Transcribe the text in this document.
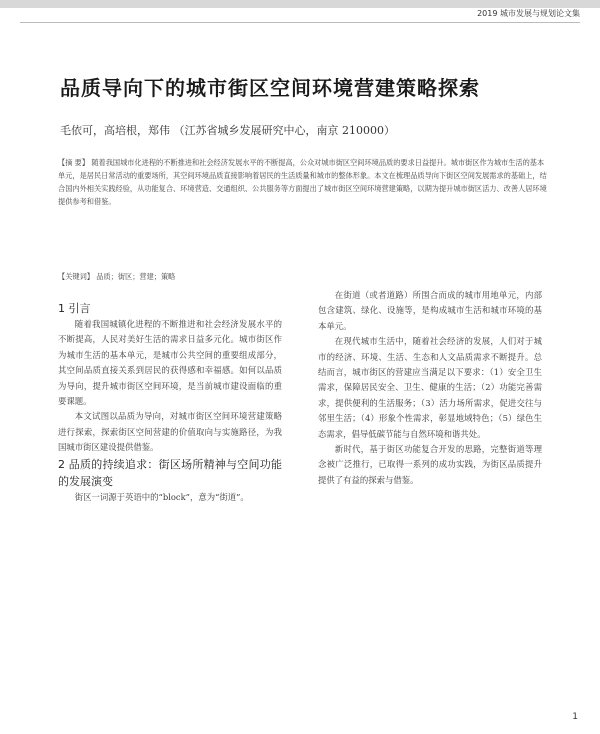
2019 城市发展与规划论文集
品质导向下的城市街区空间环境营建策略探索
毛依可，高培根，郑伟 （江苏省城乡发展研究中心，南京 210000）
【摘 要】 随着我国城市化进程的不断推进和社会经济发展水平的不断提高，公众对城市街区空间环境品质的要求日益提升。城市街区作为城市生活的基本单元，是居民日常活动的重要场所，其空间环境品质直接影响着居民的生活质量和城市的整体形象。本文在梳理品质导向下街区空间发展需求的基础上，结合国内外相关实践经验，从功能复合、环境营造、交通组织、公共服务等方面提出了城市街区空间环境营建策略，以期为提升城市街区活力、改善人居环境提供参考和借鉴。
【关键词】 品质；街区；营建；策略

1 引言

随着我国城镇化进程的不断推进和社会经济发展水平的不断提高，人民对美好生活的需求日益多元化。城市街区作为城市生活的基本单元，是城市公共空间的重要组成部分，其空间品质直接关系到居民的获得感和幸福感。如何以品质为导向，提升城市街区空间环境，是当前城市建设面临的重要课题。

本文试图以品质为导向，对城市街区空间环境营建策略进行探索，探索街区空间营建的价值取向与实施路径，为我国城市街区建设提供借鉴。

2 品质的持续追求：街区场所精神与空间功能的发展演变

街区一词源于英语中的“block”，意为“街道”。

在街道（或者道路）所围合而成的城市用地单元，内部包含建筑、绿化、设施等，是构成城市生活和城市环境的基本单元。

在现代城市生活中，随着社会经济的发展，人们对于城市的经济、环境、生活、生态和人文品质需求不断提升。总结而言，城市街区的营建应当满足以下要求：（1）安全卫生需求，保障居民安全、卫生、健康的生活；（2）功能完善需求，提供便利的生活服务；（3）活力场所需求，促进交往与邻里生活；（4）形象个性需求，彰显地域特色；（5）绿色生态需求，倡导低碳节能与自然环境和谐共处。

新时代，基于街区功能复合开发的思路，完整街道等理念被广泛推行，已取得一系列的成功实践，为街区品质提升提供了有益的探索与借鉴。

1
